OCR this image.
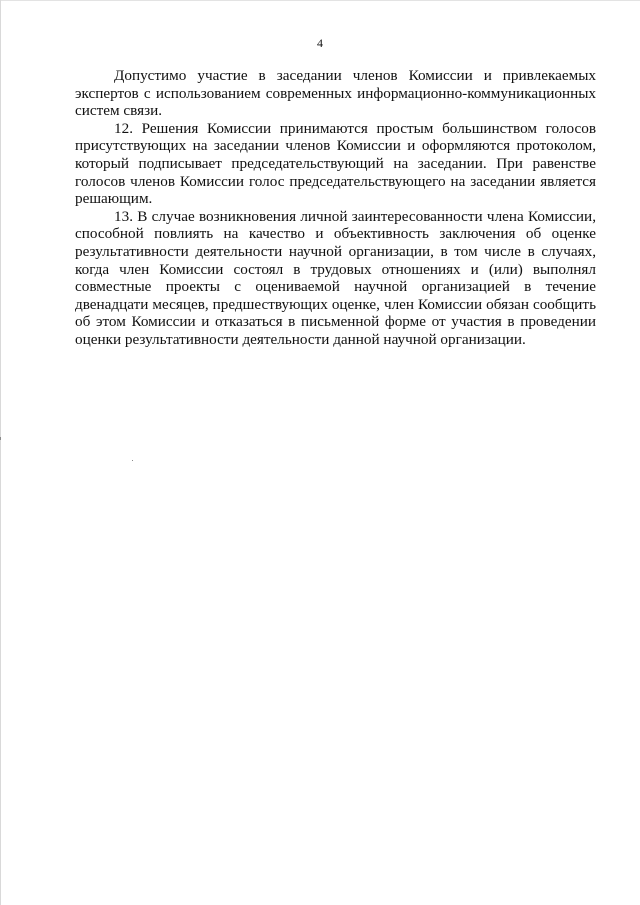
4

Допустимо участие в заседании членов Комиссии и привлекаемых экспертов с использованием современных информационно-коммуникационных систем связи.

12. Решения Комиссии принимаются простым большинством голосов присутствующих на заседании членов Комиссии и оформляются протоколом, который подписывает председательствующий на заседании. При равенстве голосов членов Комиссии голос председательствующего на заседании является решающим.

13. В случае возникновения личной заинтересованности члена Комиссии, способной повлиять на качество и объективность заключения об оценке результативности деятельности научной организации, в том числе в случаях, когда член Комиссии состоял в трудовых отношениях и (или) выполнял совместные проекты с оцениваемой научной организацией в течение двенадцати месяцев, предшествующих оценке, член Комиссии обязан сообщить об этом Комиссии и отказаться в письменной форме от участия в проведении оценки результативности деятельности данной научной организации.
